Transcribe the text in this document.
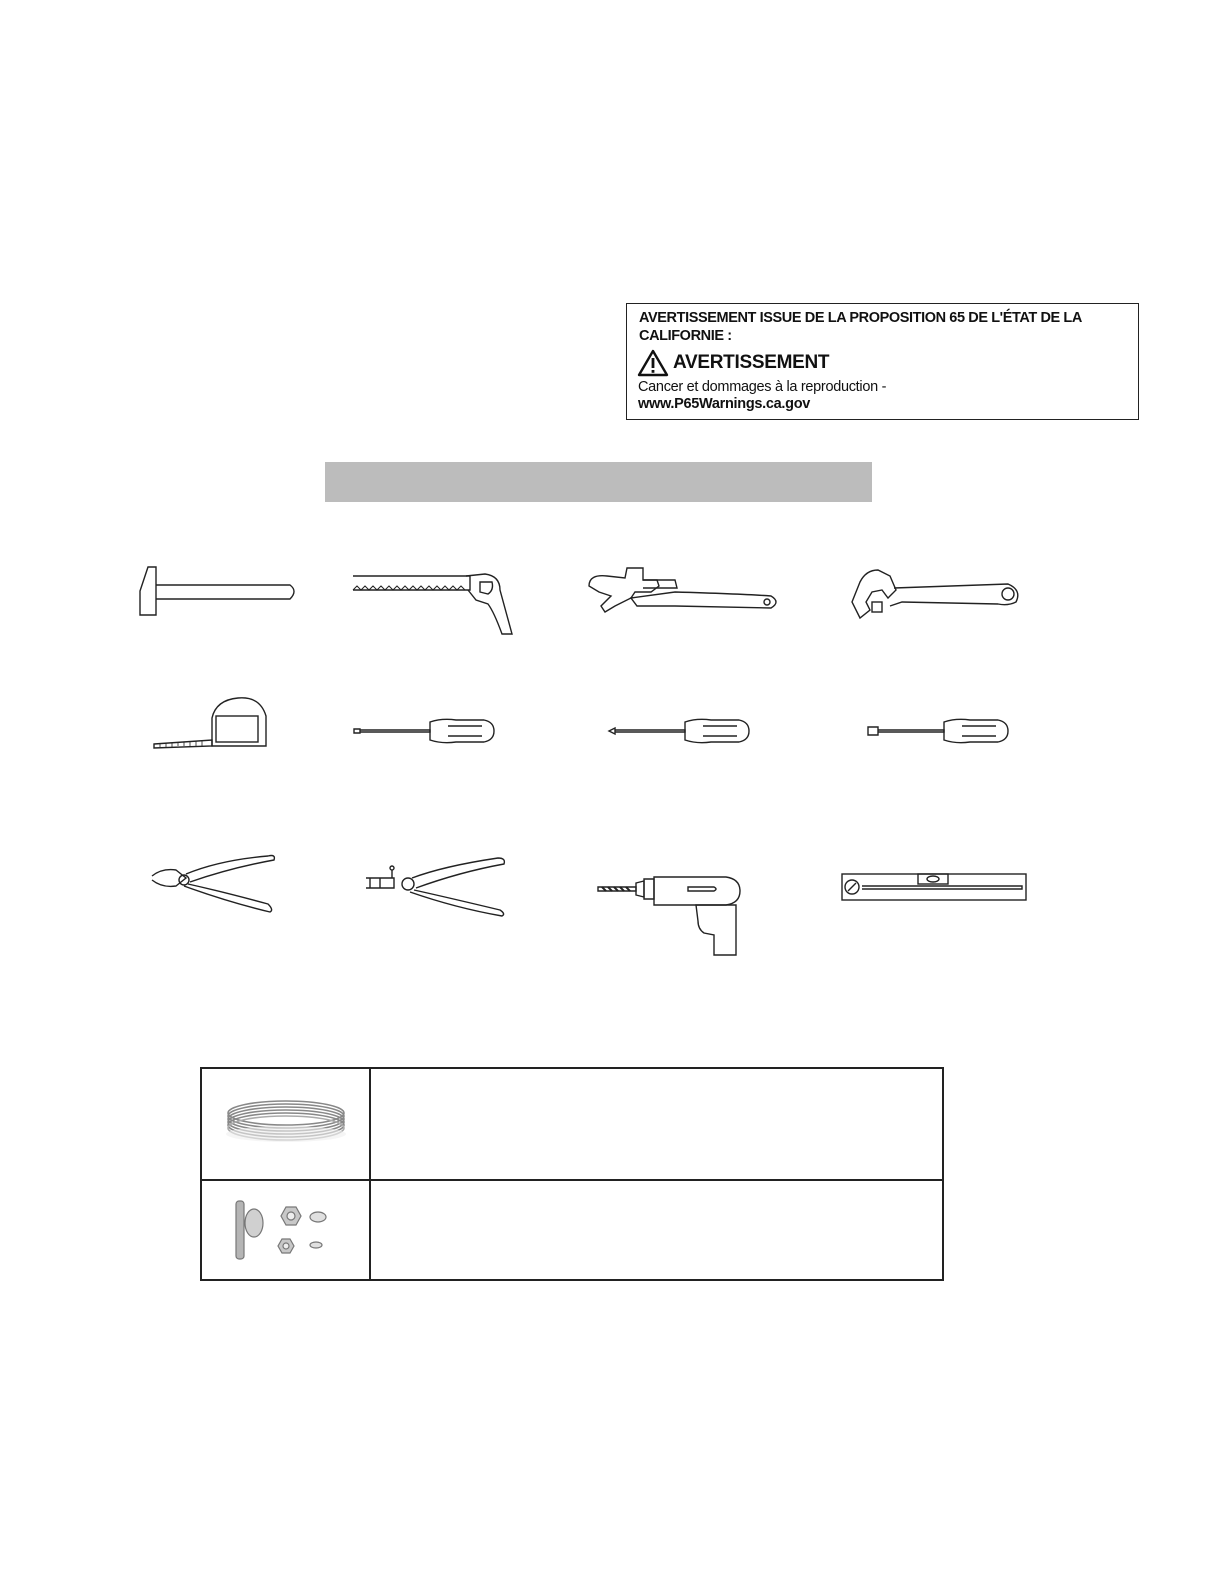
AVERTISSEMENT ISSUE DE LA PROPOSITION 65 DE L'ÉTAT DE LA CALIFORNIE :
AVERTISSEMENT
Cancer et dommages à la reproduction -
www.P65Warnings.ca.gov
